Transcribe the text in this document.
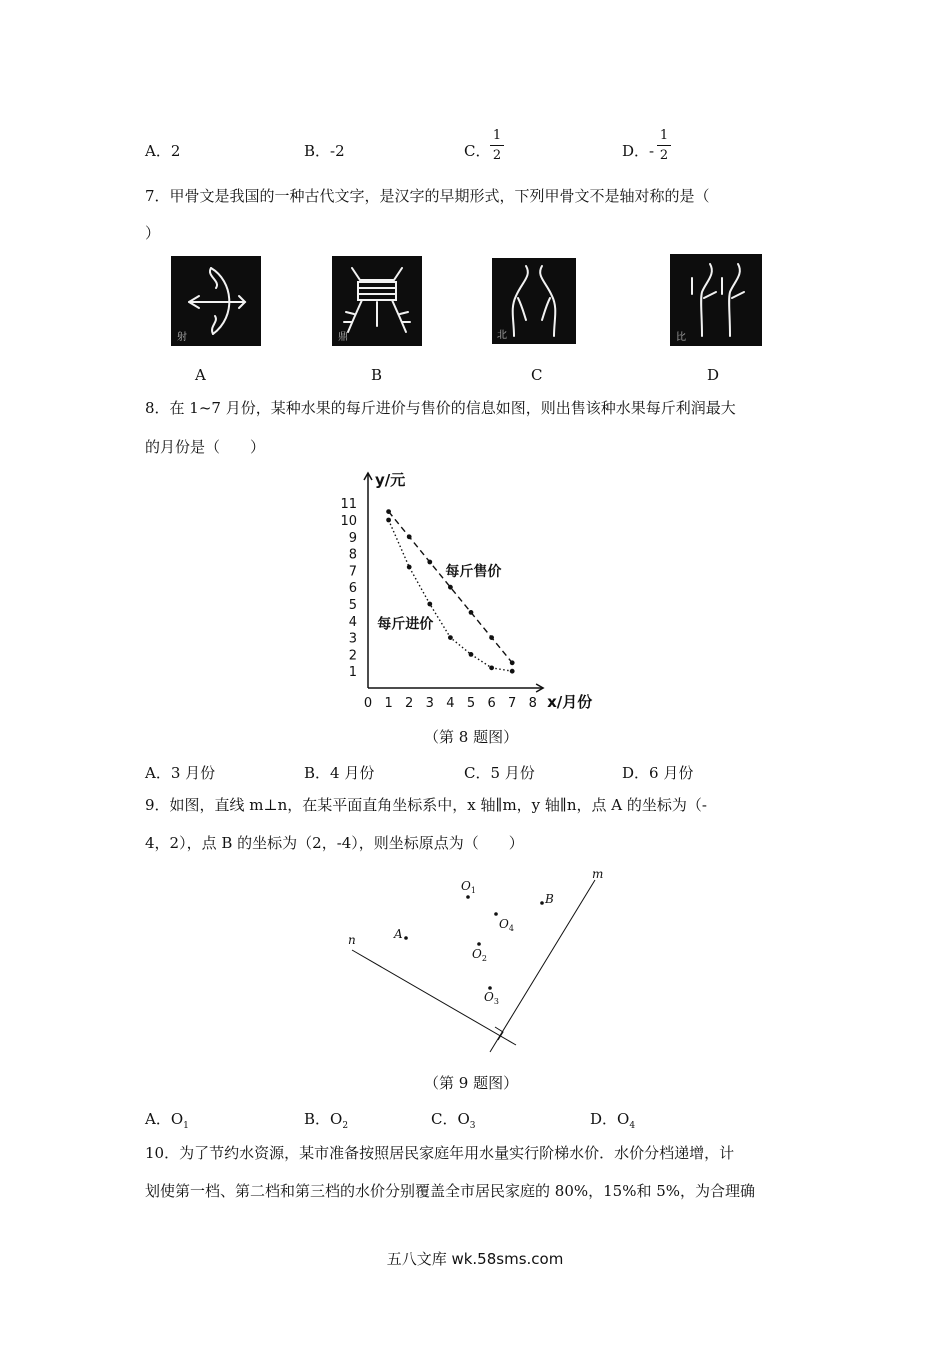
A．2	B．-2	C．
1
2	D．-
1
2
7．甲骨文是我国的一种古代文字，是汉字的早期形式，下列甲骨文不是轴对称的是（
）
射	鼎	北	比
A	B	C	D
8．在 1~7 月份，某种水果的每斤进价与售价的信息如图，则出售该种水果每斤利润最大
的月份是（　　）
1
2
3
4
5
6
7
8
9
10
11
0 1 2 3 4 5 6 7 8
y/元
x/月份
每斤售价
每斤进价
（第 8 题图）
A．3 月份	B．4 月份	C．5 月份	D．6 月份
9．如图，直线 m⊥n，在某平面直角坐标系中，x 轴∥m，y 轴∥n，点 A 的坐标为（-
4，2），点 B 的坐标为（2，-4），则坐标原点为（　　）
m
n	A
B
$O_1$
$O_4$
$O_2$
$O_3$
（第 9 题图）
A．$O_1$	B．$O_2$	C．$O_3$	D．$O_4$
10．为了节约水资源，某市准备按照居民家庭年用水量实行阶梯水价．水价分档递增，计
划使第一档、第二档和第三档的水价分别覆盖全市居民家庭的 80%，15%和 5%，为合理确
五八文库 wk.58sms.com
